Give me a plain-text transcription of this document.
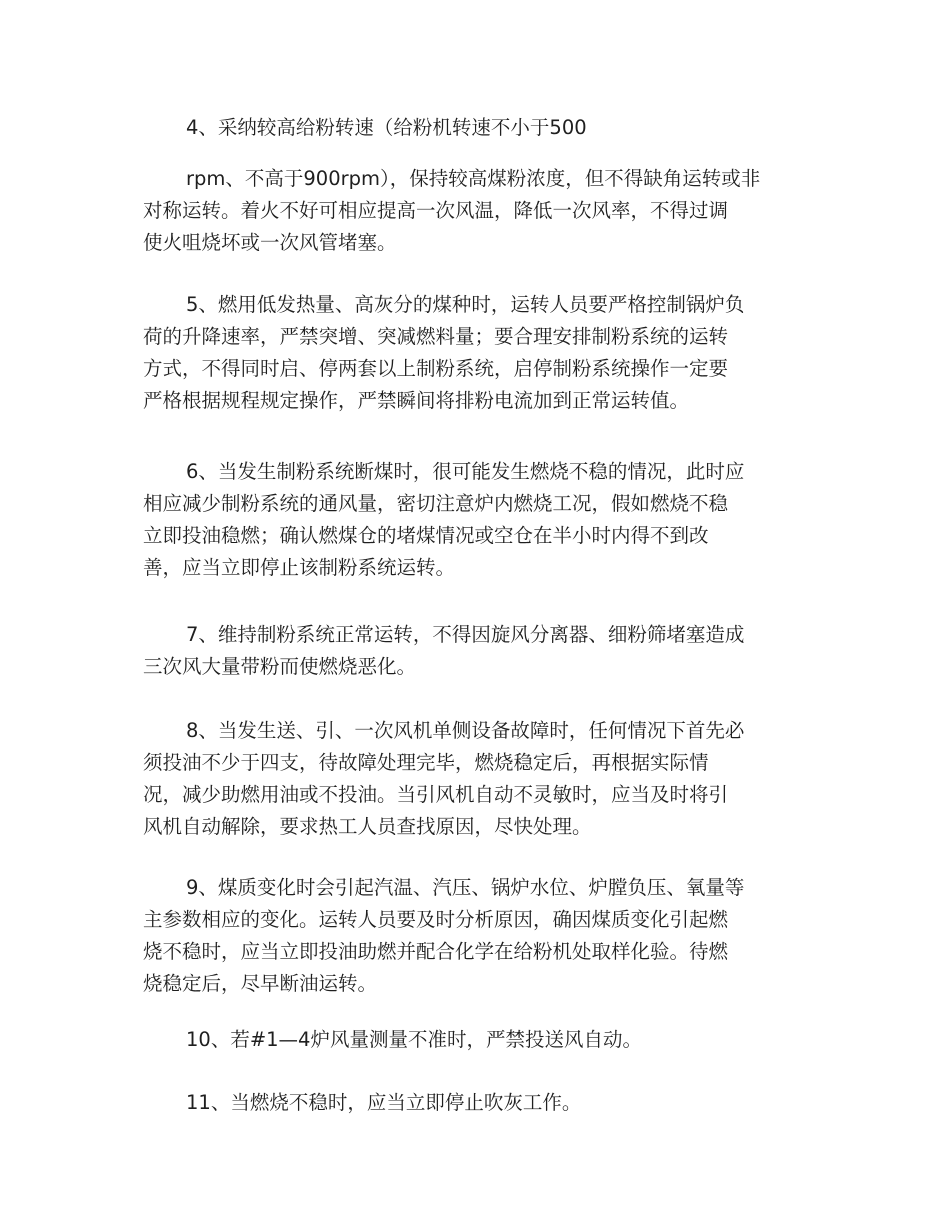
4、采纳较高给粉转速（给粉机转速不小于500
rpm、不高于900rpm），保持较高煤粉浓度，但不得缺角运转或非
对称运转。着火不好可相应提高一次风温，降低一次风率，不得过调
使火咀烧坏或一次风管堵塞。
5、燃用低发热量、高灰分的煤种时，运转人员要严格控制锅炉负
荷的升降速率，严禁突增、突减燃料量；要合理安排制粉系统的运转
方式，不得同时启、停两套以上制粉系统，启停制粉系统操作一定要
严格根据规程规定操作，严禁瞬间将排粉电流加到正常运转值。
6、当发生制粉系统断煤时，很可能发生燃烧不稳的情况，此时应
相应减少制粉系统的通风量，密切注意炉内燃烧工况，假如燃烧不稳
立即投油稳燃；确认燃煤仓的堵煤情况或空仓在半小时内得不到改
善，应当立即停止该制粉系统运转。
7、维持制粉系统正常运转，不得因旋风分离器、细粉筛堵塞造成
三次风大量带粉而使燃烧恶化。
8、当发生送、引、一次风机单侧设备故障时，任何情况下首先必
须投油不少于四支，待故障处理完毕，燃烧稳定后，再根据实际情
况，减少助燃用油或不投油。当引风机自动不灵敏时，应当及时将引
风机自动解除，要求热工人员查找原因，尽快处理。
9、煤质变化时会引起汽温、汽压、锅炉水位、炉膛负压、氧量等
主参数相应的变化。运转人员要及时分析原因，确因煤质变化引起燃
烧不稳时，应当立即投油助燃并配合化学在给粉机处取样化验。待燃
烧稳定后，尽早断油运转。
10、若#1—4炉风量测量不准时，严禁投送风自动。
11、当燃烧不稳时，应当立即停止吹灰工作。
